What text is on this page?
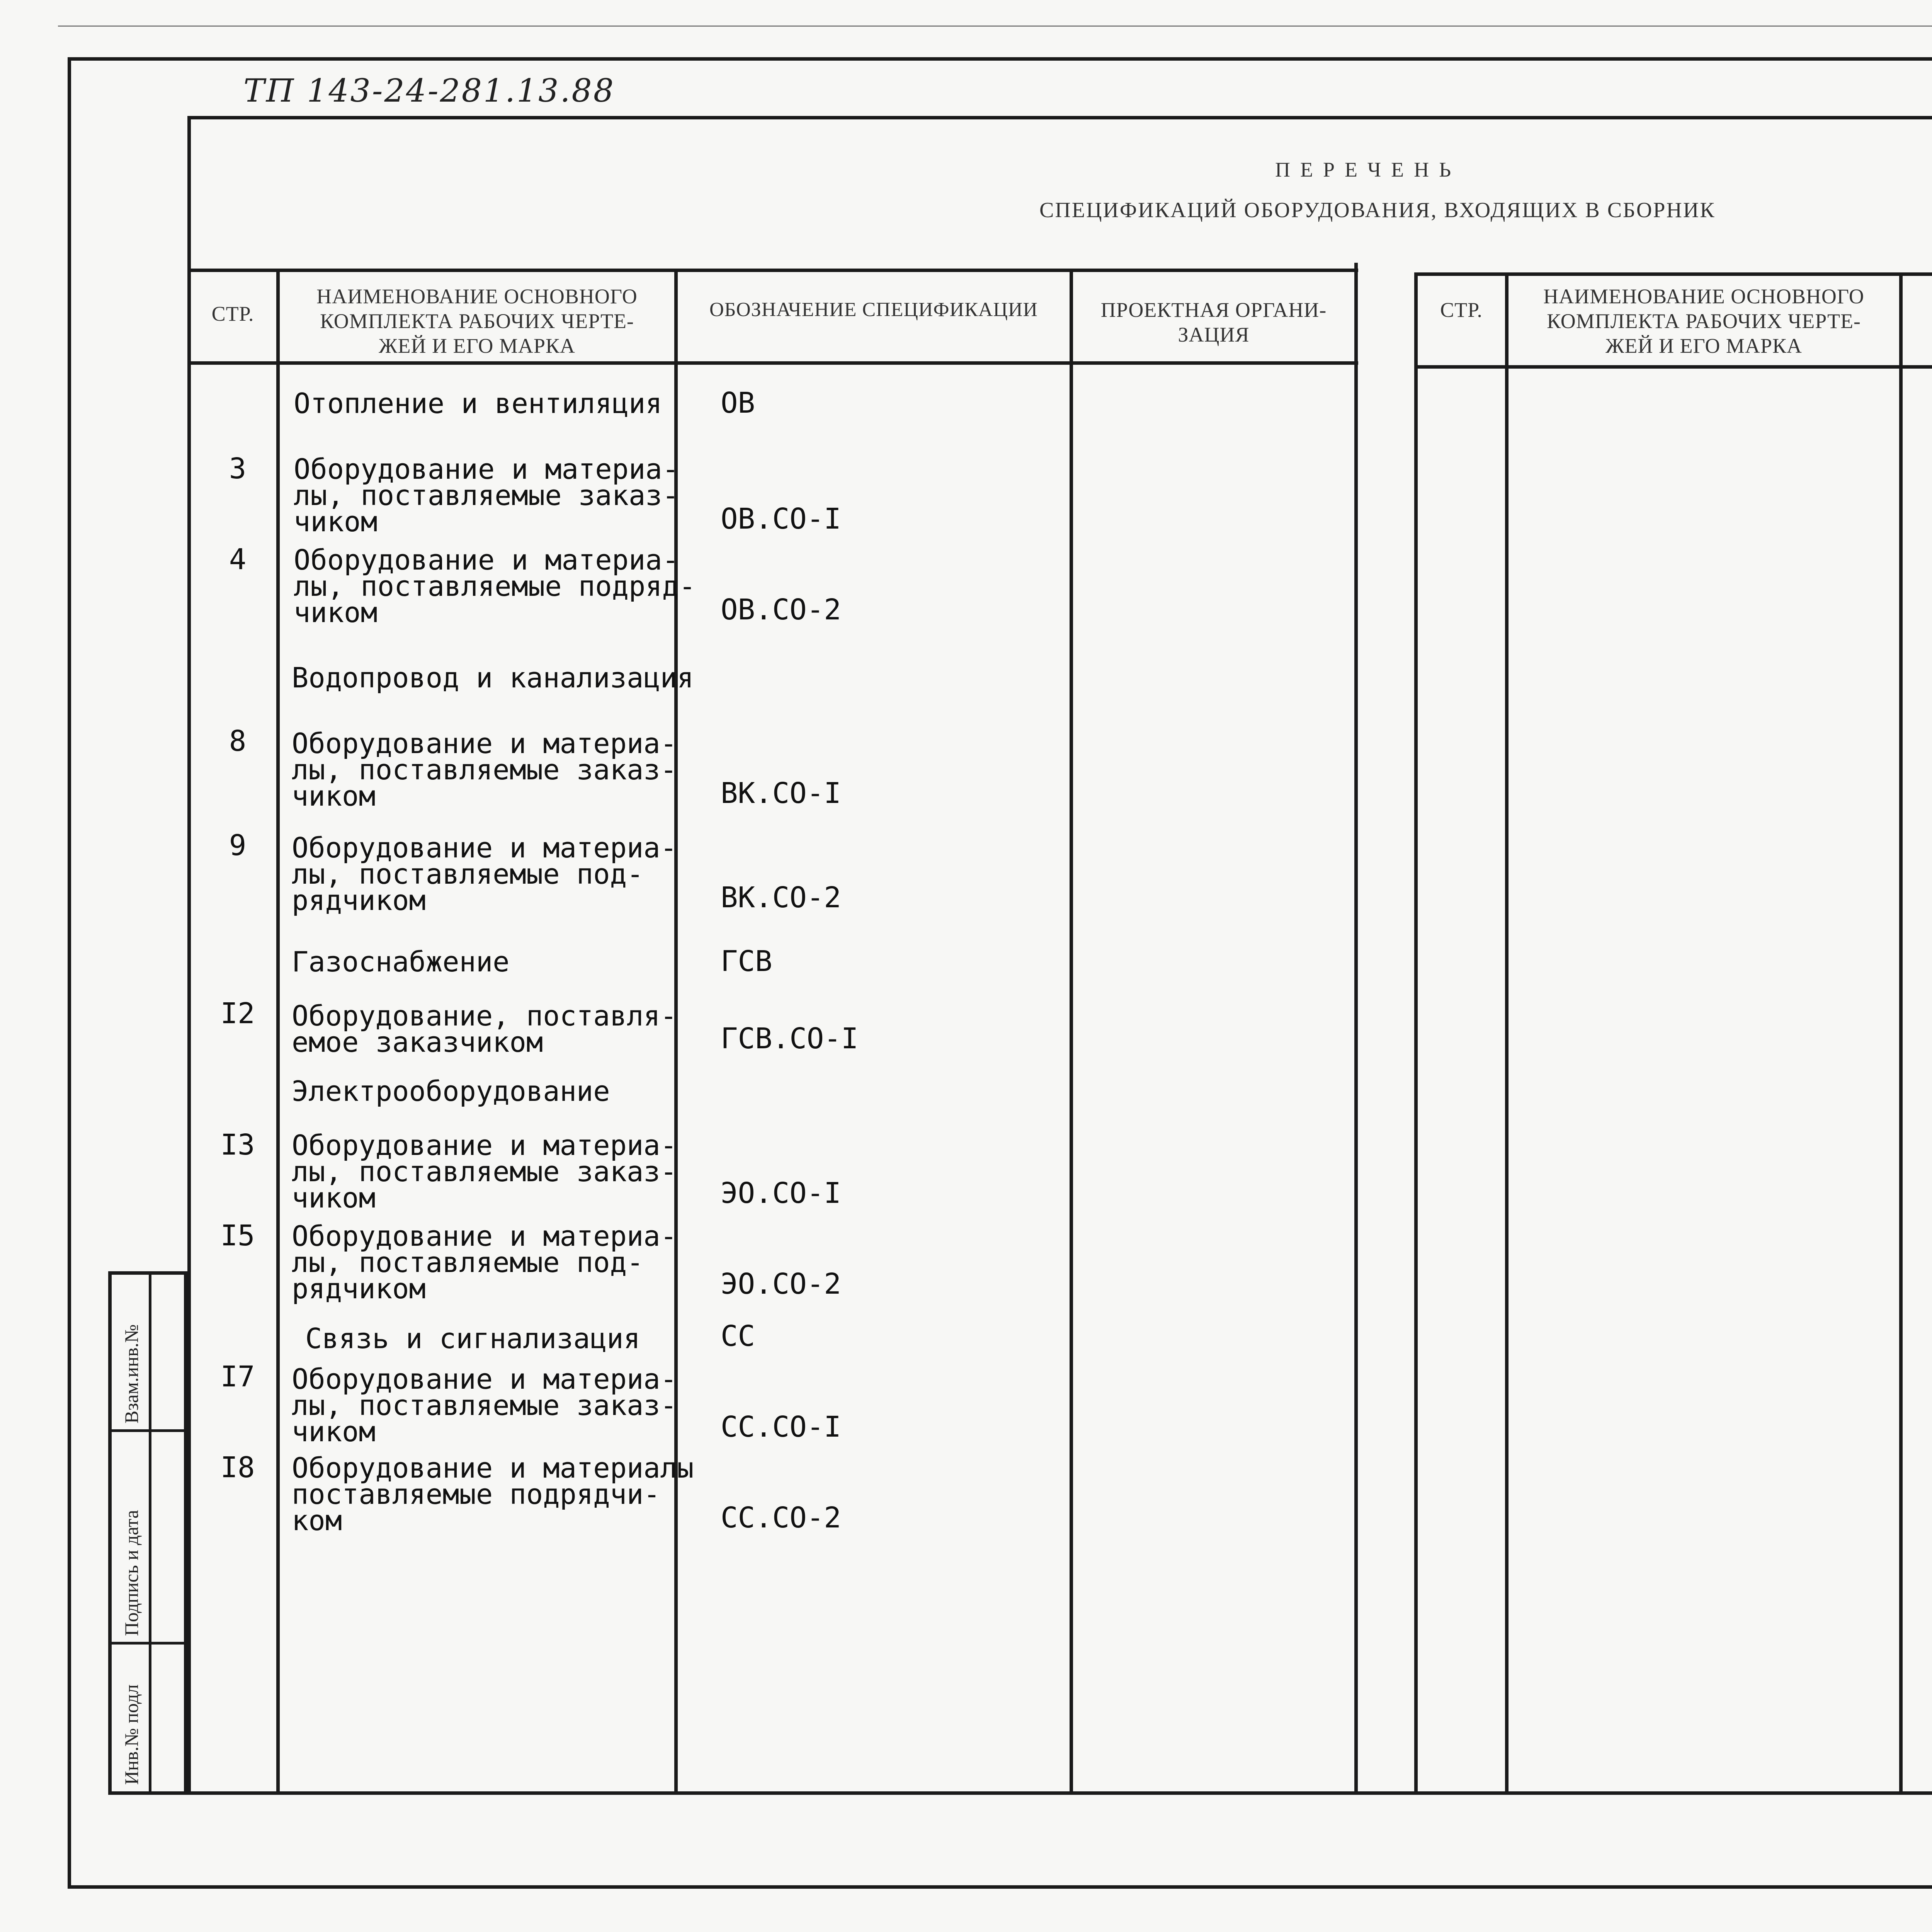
ТП 143-24-281.13.88
ПЕРЕЧЕНЬ
СПЕЦИФИКАЦИЙ ОБОРУДОВАНИЯ, ВХОДЯЩИХ В СБОРНИК
СТР.
НАИМЕНОВАНИЕ ОСНОВНОГО
КОМПЛЕКТА РАБОЧИХ ЧЕРТЕ-
ЖЕЙ И ЕГО МАРКА
ОБОЗНАЧЕНИЕ СПЕЦИФИКАЦИИ	ПРОЕКТНАЯ ОРГАНИ-
ЗАЦИЯ
СТР.
НАИМЕНОВАНИЕ ОСНОВНОГО
КОМПЛЕКТА РАБОЧИХ ЧЕРТЕ-
ЖЕЙ И ЕГО МАРКА
Отопление и вентиляция ОВ
3	Оборудование и материа-
лы, поставляемые заказ-
чиком	ОВ.СО-I
4	Оборудование и материа-
лы, поставляемые подряд-
чиком	ОВ.СО-2
Водопровод и канализация
8	Оборудование и материа-
лы, поставляемые заказ-
чиком	ВК.СО-I
9	Оборудование и материа-
лы, поставляемые под-
рядчиком	ВК.СО-2
Газоснабжение	ГСВ
I2	Оборудование, поставля-
емое заказчиком	ГСВ.СО-I
Электрооборудование
I3	Оборудование и материа-
лы, поставляемые заказ-
чиком	ЭО.СО-I
I5	Оборудование и материа-
лы, поставляемые под-
рядчиком	ЭО.СО-2
Связь и сигнализация	СС
I7	Оборудование и материа-
лы, поставляемые заказ-
чиком	СС.СО-I
I8	Оборудование и материалы
поставляемые подрядчи-
ком	СС.СО-2
Взам.инв.№
Подпись и дата
Инв.№ подл
